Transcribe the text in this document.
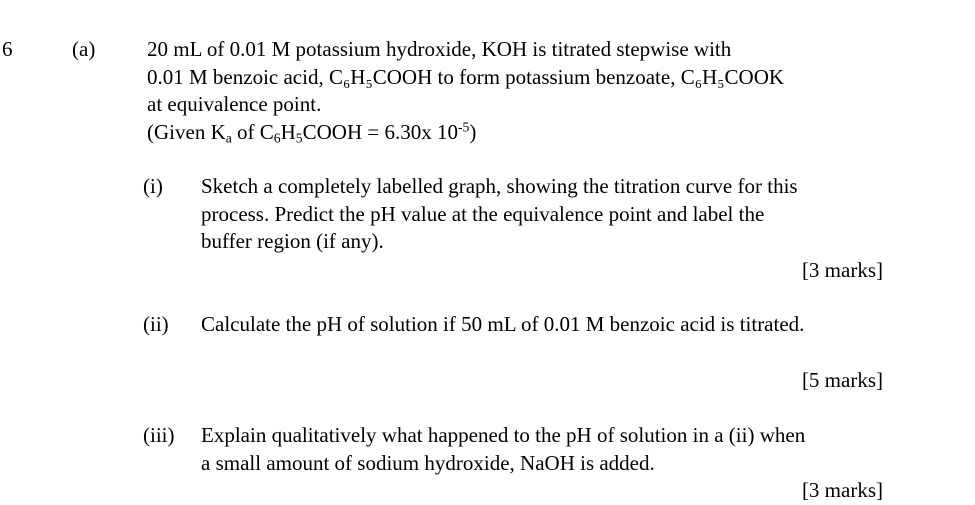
6	(a) 20 mL of 0.01 M potassium hydroxide, KOH is titrated stepwise with
0.01 M benzoic acid, C₆H₅COOH to form potassium benzoate, C₆H₅COOK
at equivalence point.
(Given $K_a$ of $C_6H_5COOH = 6.30x$ $10^{-5}$)
(i) Sketch a completely labelled graph, showing the titration curve for this
process. Predict the pH value at the equivalence point and label the
buffer region (if any).
[3 marks]
(ii) Calculate the pH of solution if 50 mL of 0.01 M benzoic acid is titrated.
[5 marks]
(iii) Explain qualitatively what happened to the pH of solution in a (ii) when
a small amount of sodium hydroxide, NaOH is added.
[3 marks]
